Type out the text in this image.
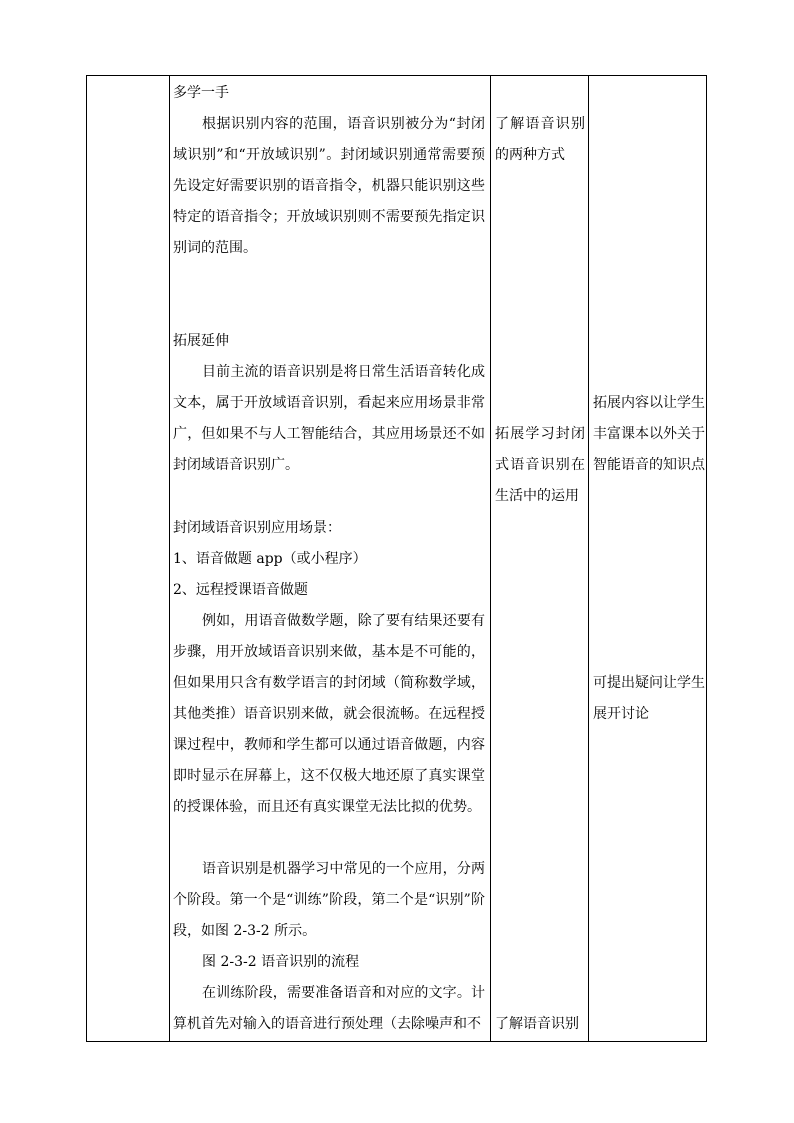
多学一手

根据识别内容的范围，语音识别被分为“封闭域识别”和“开放域识别”。封闭域识别通常需要预先设定好需要识别的语音指令，机器只能识别这些特定的语音指令；开放域识别则不需要预先指定识别词的范围。

拓展延伸

目前主流的语音识别是将日常生活语音转化成文本，属于开放域语音识别，看起来应用场景非常广，但如果不与人工智能结合，其应用场景还不如封闭域语音识别广。

封闭域语音识别应用场景：

1、语音做题 app（或小程序）

2、远程授课语音做题

例如，用语音做数学题，除了要有结果还要有步骤，用开放域语音识别来做，基本是不可能的，但如果用只含有数学语言的封闭域（简称数学域，其他类推）语音识别来做，就会很流畅。在远程授课过程中，教师和学生都可以通过语音做题，内容即时显示在屏幕上，这不仅极大地还原了真实课堂的授课体验，而且还有真实课堂无法比拟的优势。

语音识别是机器学习中常见的一个应用，分两个阶段。第一个是“训练”阶段，第二个是“识别”阶段，如图 2-3-2 所示。

图 2-3-2 语音识别的流程

在训练阶段，需要准备语音和对应的文字。计算机首先对输入的语音进行预处理（去除噪声和不

了解语音识别的两种方式

拓展学习封闭式语音识别在生活中的运用

了解语音识别

拓展内容以让学生丰富课本以外关于智能语音的知识点

可提出疑问让学生展开讨论
